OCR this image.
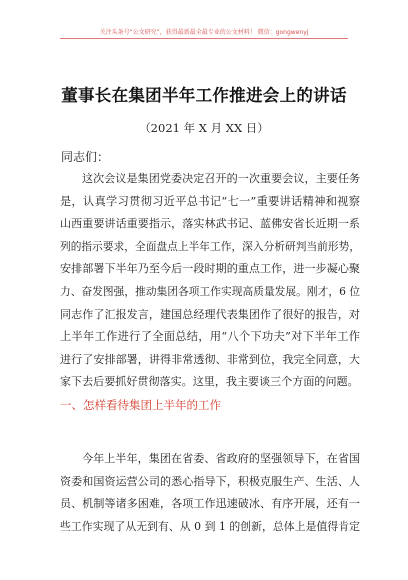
关注头条号“公文研究”，获得最新最全最专业的公文材料！ 微信：gongwenyj
董事长在集团半年工作推进会上的讲话
（2021 年 X 月 XX 日）
同志们：
这次会议是集团党委决定召开的一次重要会议，主要任务
是，认真学习贯彻习近平总书记“七一”重要讲话精神和视察
山西重要讲话重要指示，落实林武书记、蓝佛安省长近期一系
列的指示要求，全面盘点上半年工作，深入分析研判当前形势，
安排部署下半年乃至今后一段时期的重点工作，进一步凝心聚
力、奋发图强，推动集团各项工作实现高质量发展。刚才，6 位
同志作了汇报发言，建国总经理代表集团作了很好的报告，对
上半年工作进行了全面总结，用“八个下功夫”对下半年工作
进行了安排部署，讲得非常透彻、非常到位，我完全同意，大
家下去后要抓好贯彻落实。这里，我主要谈三个方面的问题。
一、怎样看待集团上半年的工作
今年上半年，集团在省委、省政府的坚强领导下，在省国
资委和国资运营公司的悉心指导下，积极克服生产、生活、人
员、机制等诸多困难，各项工作迅速破冰、有序开展，还有一
些工作实现了从无到有、从 0 到 1 的创新，总体上是值得肯定
